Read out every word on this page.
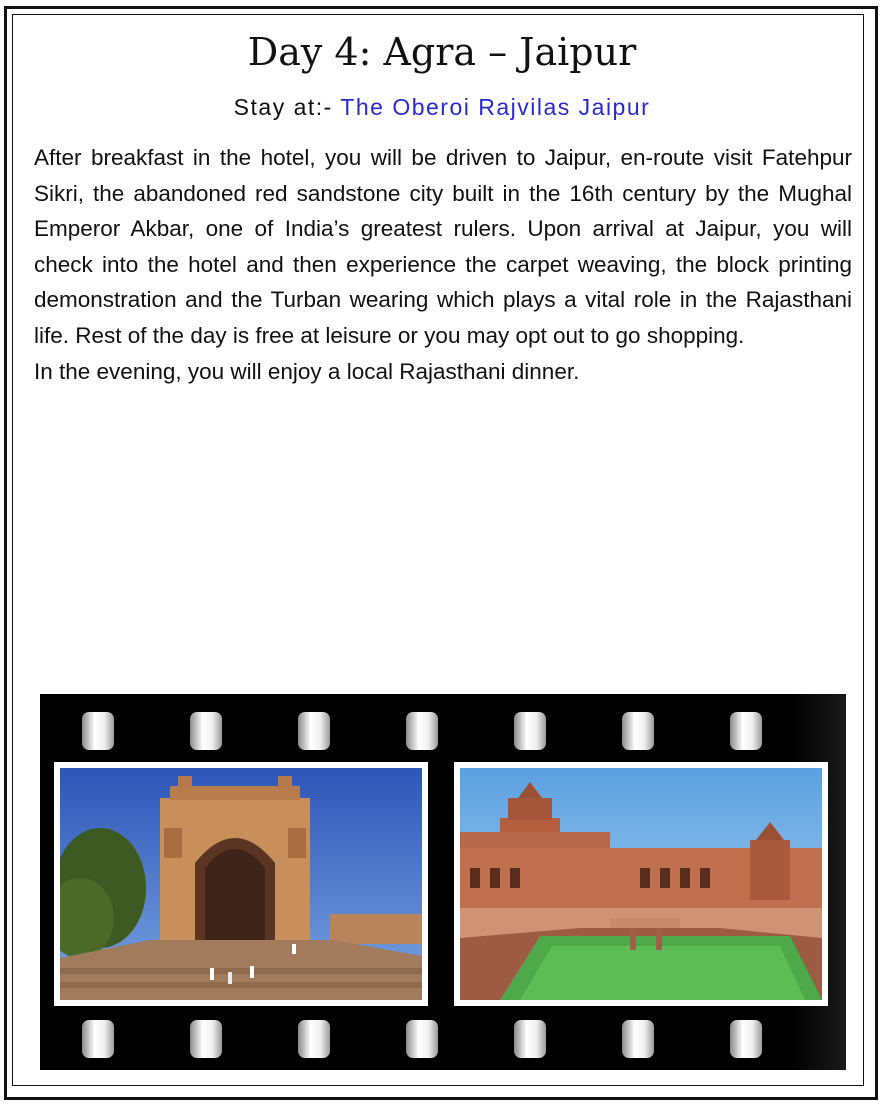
Day 4: Agra – Jaipur
Stay at:- The Oberoi Rajvilas Jaipur

After breakfast in the hotel, you will be driven to Jaipur, en-route visit Fatehpur Sikri, the abandoned red sandstone city built in the 16th century by the Mughal Emperor Akbar, one of India’s greatest rulers. Upon arrival at Jaipur, you will check into the hotel and then experience the carpet weaving, the block printing demonstration and the Turban wearing which plays a vital role in the Rajasthani life. Rest of the day is free at leisure or you may opt out to go shopping.

In the evening, you will enjoy a local Rajasthani dinner.
